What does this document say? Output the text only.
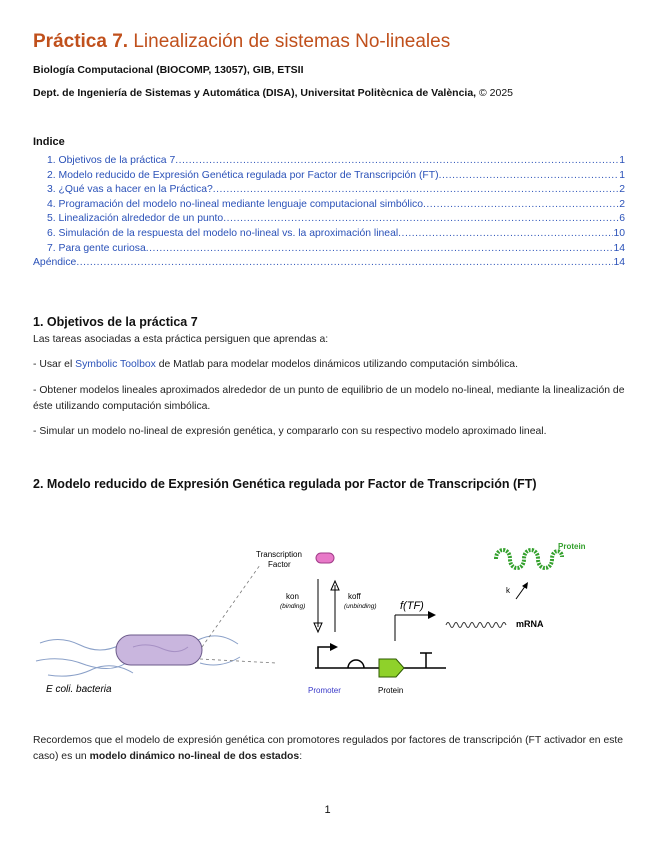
Práctica 7. Linealización de sistemas No-lineales
Biología Computacional (BIOCOMP, 13057), GIB, ETSII
Dept. de Ingeniería de Sistemas y Automática (DISA), Universitat Politècnica de València, © 2025
Indice
1. Objetivos de la práctica 7 .....	1
2. Modelo reducido de Expresión Genética regulada por Factor de Transcripción (FT) .....	1
3. ¿Qué vas a hacer en la Práctica? .....	2
4. Programación del modelo no-lineal mediante lenguaje computacional simbólico .....	2
5. Linealización alrededor de un punto .....	6
6. Simulación de la respuesta del modelo no-lineal vs. la aproximación lineal .....	10
7. Para gente curiosa .....	14
Apéndice .....	14
1. Objetivos de la práctica 7
Las tareas asociadas a esta práctica persiguen que aprendas a:
- Usar el Symbolic Toolbox de Matlab para modelar modelos dinámicos utilizando computación simbólica.
- Obtener modelos lineales aproximados alrededor de un punto de equilibrio de un modelo no-lineal, mediante la linealización de éste utilizando computación simbólica.
- Simular un modelo no-lineal de expresión genética, y compararlo con su respectivo modelo aproximado lineal.
2. Modelo reducido de Expresión Genética regulada por Factor de Transcripción (FT)
E coli. bacteria
Transcription
Factor
kon
(binding)
koff
(unbinding) f(TF)
mRNA
k
Protein
Promoter	Protein
Recordemos que el modelo de expresión genética con promotores regulados por factores de transcripción (FT activador en este caso) es un modelo dinámico no-lineal de dos estados:
1
